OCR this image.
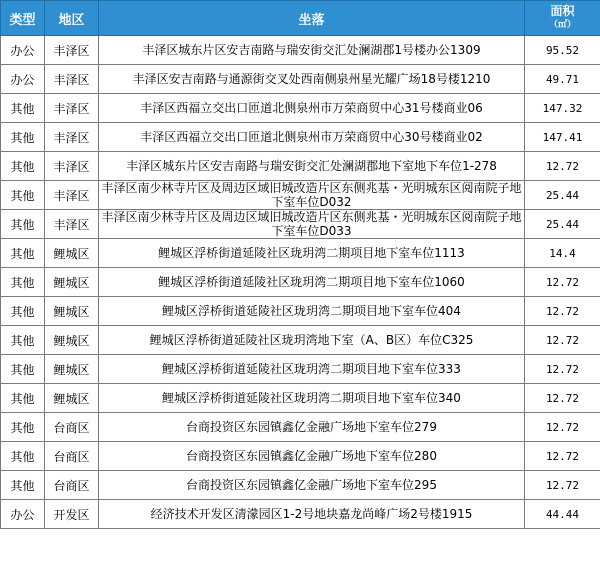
类型	地区	坐落	面积
（㎡）

办公	丰泽区	丰泽区城东片区安吉南路与瑞安街交汇处澜湖郡1号楼办公1309	95.52
办公	丰泽区	丰泽区安吉南路与通源街交叉处西南侧泉州星光耀广场18号楼1210	49.71
其他	丰泽区	丰泽区西福立交出口匝道北侧泉州市万荣商贸中心31号楼商业06	147.32
其他	丰泽区	丰泽区西福立交出口匝道北侧泉州市万荣商贸中心30号楼商业02	147.41
其他	丰泽区	丰泽区城东片区安吉南路与瑞安街交汇处澜湖郡地下室地下车位1-278	12.72
其他	丰泽区	丰泽区南少林寺片区及周边区域旧城改造片区东侧兆基・光明城东区阅南院子地下室车位D032	25.44
其他	丰泽区	丰泽区南少林寺片区及周边区域旧城改造片区东侧兆基・光明城东区阅南院子地下室车位D033	25.44
其他	鲤城区	鲤城区浮桥街道延陵社区珑玥湾二期项目地下室车位1113	14.4
其他	鲤城区	鲤城区浮桥街道延陵社区珑玥湾二期项目地下室车位1060	12.72
其他	鲤城区	鲤城区浮桥街道延陵社区珑玥湾二期项目地下室车位404	12.72
其他	鲤城区	鲤城区浮桥街道延陵社区珑玥湾地下室（A、B区）车位C325	12.72
其他	鲤城区	鲤城区浮桥街道延陵社区珑玥湾二期项目地下室车位333	12.72
其他	鲤城区	鲤城区浮桥街道延陵社区珑玥湾二期项目地下室车位340	12.72
其他	台商区	台商投资区东园镇鑫亿金融广场地下室车位279	12.72
其他	台商区	台商投资区东园镇鑫亿金融广场地下室车位280	12.72
其他	台商区	台商投资区东园镇鑫亿金融广场地下室车位295	12.72
办公	开发区	经济技术开发区清濛园区1-2号地块嘉龙尚峰广场2号楼1915	44.44
